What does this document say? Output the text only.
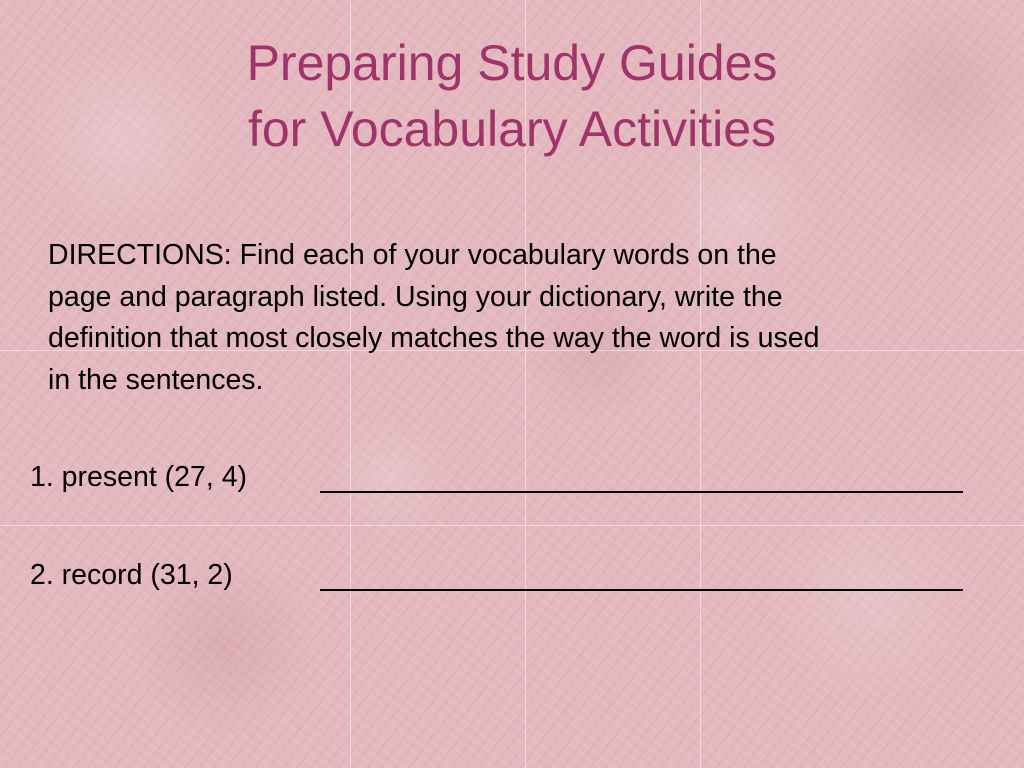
Preparing Study Guides
for Vocabulary Activities
DIRECTIONS: Find each of your vocabulary words on the
page and paragraph listed. Using your dictionary, write the
definition that most closely matches the way the word is used
in the sentences.
1. present (27, 4)
2. record (31, 2)
